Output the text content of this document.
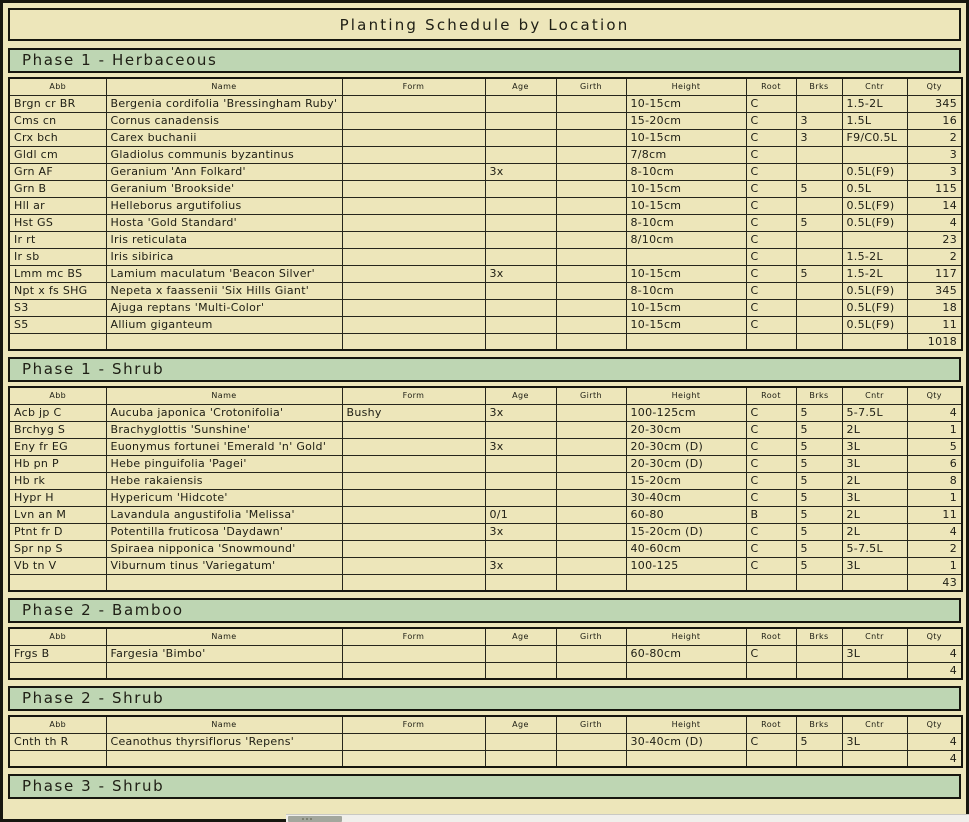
Planting Schedule by Location
Phase 1 - Herbaceous
Abb	Name	Form	Age	Girth	Height	Root	Brks	Cntr	Qty
Brgn cr BR	Bergenia cordifolia 'Bressingham Ruby'				10-15cm	C		1.5-2L	345
Cms cn	Cornus canadensis				15-20cm	C	3	1.5L	16
Crx bch	Carex buchanii				10-15cm	C	3	F9/C0.5L	2
Gldl cm	Gladiolus communis byzantinus				7/8cm	C			3
Grn AF	Geranium 'Ann Folkard'		3x		8-10cm	C		0.5L(F9)	3
Grn B	Geranium 'Brookside'				10-15cm	C	5	0.5L	115
Hll ar	Helleborus argutifolius				10-15cm	C		0.5L(F9)	14
Hst GS	Hosta 'Gold Standard'				8-10cm	C	5	0.5L(F9)	4
Ir rt	Iris reticulata				8/10cm	C			23
Ir sb	Iris sibirica					C		1.5-2L	2
Lmm mc BS	Lamium maculatum 'Beacon Silver'		3x		10-15cm	C	5	1.5-2L	117
Npt x fs SHG	Nepeta x faassenii 'Six Hills Giant'				8-10cm	C		0.5L(F9)	345
S3	Ajuga reptans 'Multi-Color'				10-15cm	C		0.5L(F9)	18
S5	Allium giganteum				10-15cm	C		0.5L(F9)	11
									1018
Phase 1 - Shrub
Abb	Name	Form	Age	Girth	Height	Root	Brks	Cntr	Qty
Acb jp C	Aucuba japonica 'Crotonifolia'	Bushy	3x		100-125cm	C	5	5-7.5L	4
Brchyg S	Brachyglottis 'Sunshine'				20-30cm	C	5	2L	1
Eny fr EG	Euonymus fortunei 'Emerald 'n' Gold'		3x		20-30cm (D)	C	5	3L	5
Hb pn P	Hebe pinguifolia 'Pagei'				20-30cm (D)	C	5	3L	6
Hb rk	Hebe rakaiensis				15-20cm	C	5	2L	8
Hypr H	Hypericum 'Hidcote'				30-40cm	C	5	3L	1
Lvn an M	Lavandula angustifolia 'Melissa'		0/1		60-80	B	5	2L	11
Ptnt fr D	Potentilla fruticosa 'Daydawn'		3x		15-20cm (D)	C	5	2L	4
Spr np S	Spiraea nipponica 'Snowmound'				40-60cm	C	5	5-7.5L	2
Vb tn V	Viburnum tinus 'Variegatum'		3x		100-125	C	5	3L	1
									43
Phase 2 - Bamboo
Abb	Name	Form	Age	Girth	Height	Root	Brks	Cntr	Qty
Frgs B	Fargesia 'Bimbo'				60-80cm	C		3L	4
									4
Phase 2 - Shrub
Abb	Name	Form	Age	Girth	Height	Root	Brks	Cntr	Qty
Cnth th R	Ceanothus thyrsiflorus 'Repens'				30-40cm (D)	C	5	3L	4
									4
Phase 3 - Shrub
